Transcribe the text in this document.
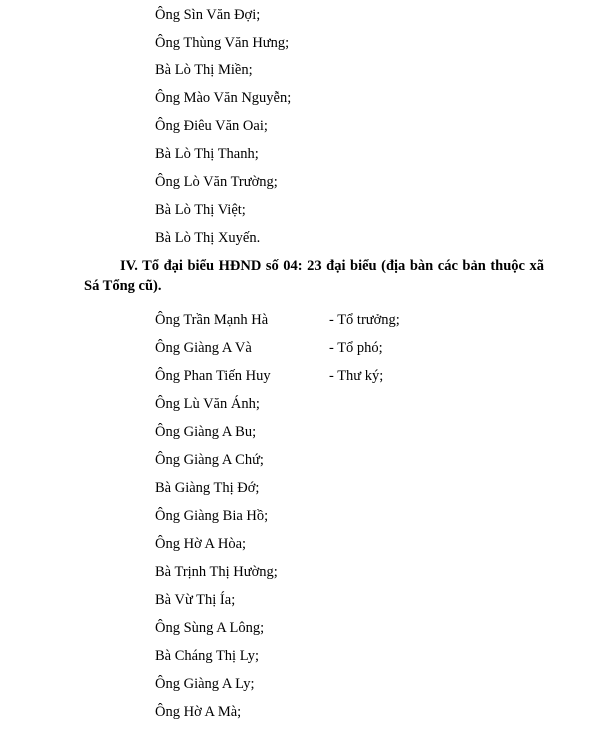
Ông Sìn Văn Đợi;
Ông Thùng Văn Hưng;
Bà Lò Thị Miền;
Ông Mào Văn Nguyễn;
Ông Điêu Văn Oai;
Bà Lò Thị Thanh;
Ông Lò Văn Trường;
Bà Lò Thị Việt;
Bà Lò Thị Xuyến.
IV. Tổ đại biểu HĐND số 04: 23 đại biểu (địa bàn các bản thuộc xã Sá Tổng cũ).
Ông Trần Mạnh Hà	- Tổ trưởng;
Ông Giàng A Và	- Tổ phó;
Ông Phan Tiến Huy	- Thư ký;
Ông Lù Văn Ánh;
Ông Giàng A Bu;
Ông Giàng A Chứ;
Bà Giàng Thị Đớ;
Ông Giàng Bia Hồ;
Ông Hờ A Hòa;
Bà Trịnh Thị Hường;
Bà Vừ Thị Ía;
Ông Sùng A Lông;
Bà Cháng Thị Ly;
Ông Giàng A Ly;
Ông Hờ A Mà;
